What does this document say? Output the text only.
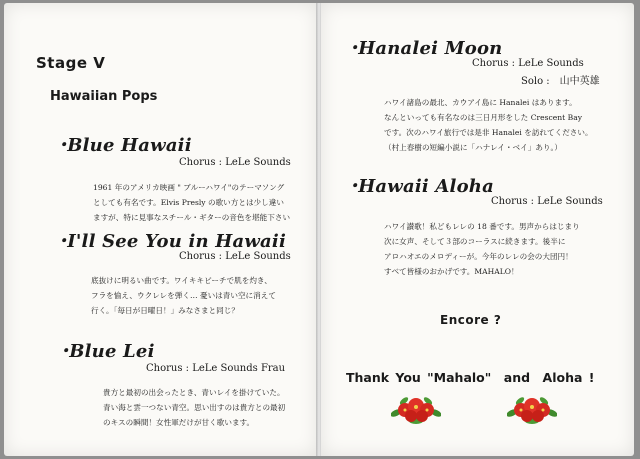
Stage Ⅴ
Hawaiian Pops
･Blue Hawaii
Chorus : LeLe Sounds
1961 年のアメリカ映画 " ブルーハワイ"のテーマソング
としても有名です。Elvis Presly の歌い方とは少し違い
ますが、特に見事なスチール・ギターの音色を堪能下さい
･I'll See You in Hawaii
Chorus : LeLe Sounds
底抜けに明るい曲です。ワイキキビーチで肌を灼き、
フラを愉え、ウクレレを弾く… 憂いは青い空に消えて
行く。「毎日が日曜日！」みなさまと同じ？
･Blue Lei
Chorus : LeLe Sounds Frau
貴方と最初の出会ったとき、青いレイを掛けていた。
青い海と雲一つない青空。思い出すのは貴方との最初
のキスの瞬間！女性軍だけが甘く歌います。
･Hanalei Moon
Chorus : LeLe Sounds
Solo :　山中英雄
ハワイ諸島の最北、カウアイ島に Hanalei はあります。
なんといっても有名なのは三日月形をした Crescent Bay
です。次のハワイ旅行では是非 Hanalei を訪れてください。
（村上春樹の短編小説に「ハナレイ・ベイ」あり。）
･Hawaii Aloha
Chorus : LeLe Sounds
ハワイ讃歌！私どもレレの 18 番です。男声からはじまり
次に女声、そして３部のコーラスに続きます。後半に
アロハオエのメロディーが。今年のレレの会の大団円！
すべて皆様のおかげです。MAHALO！
Encore ?
Thank You "Mahalo"　and　Aloha !
